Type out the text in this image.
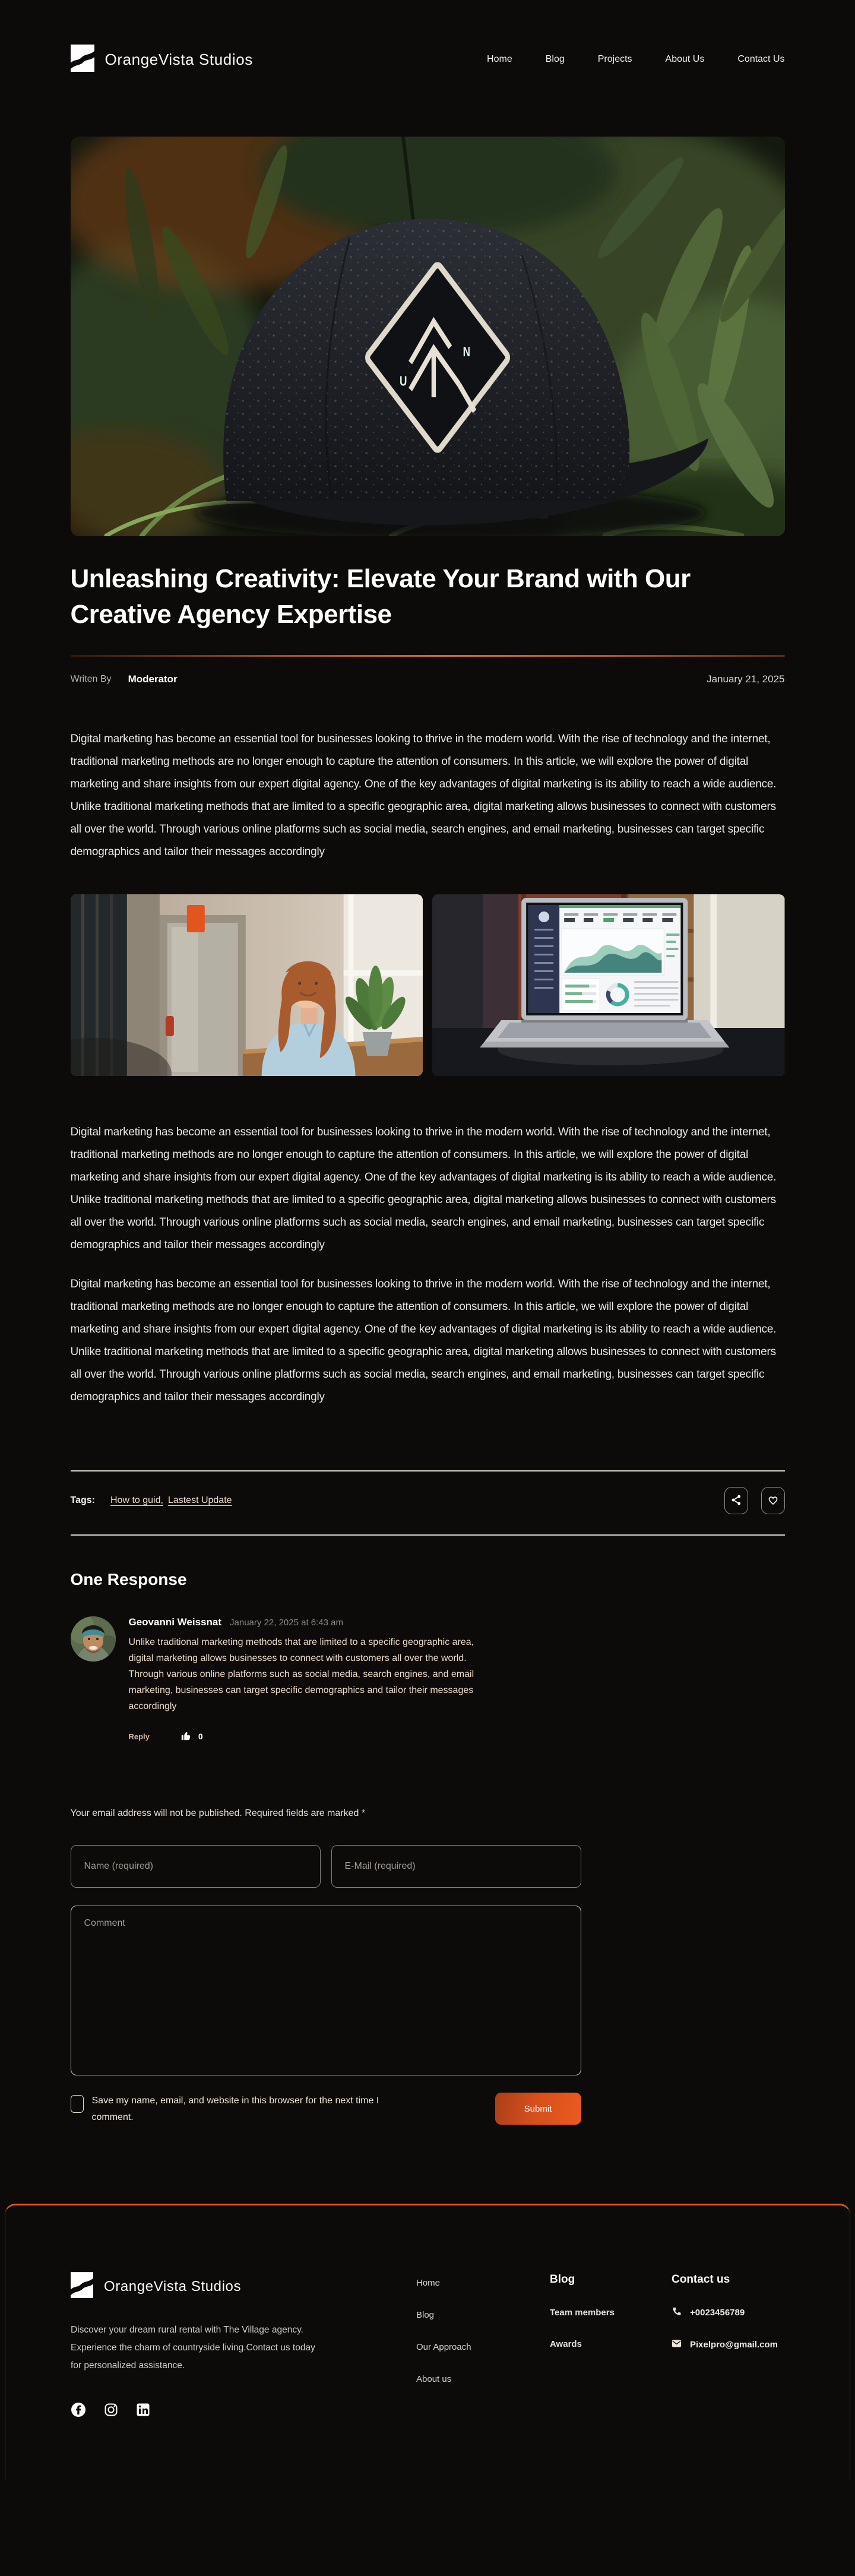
OrangeVista Studios	Home	Blog	Projects	About Us	Contact Us
U
N
Unleashing Creativity: Elevate Your Brand with Our Creative Agency Expertise
Writen By Moderator	January 21, 2025

Digital marketing has become an essential tool for businesses looking to thrive in the modern world. With the rise of technology and the internet, traditional marketing methods are no longer enough to capture the attention of consumers. In this article, we will explore the power of digital marketing and share insights from our expert digital agency. One of the key advantages of digital marketing is its ability to reach a wide audience. Unlike traditional marketing methods that are limited to a specific geographic area, digital marketing allows businesses to connect with customers all over the world. Through various online platforms such as social media, search engines, and email marketing, businesses can target specific demographics and tailor their messages accordingly

Digital marketing has become an essential tool for businesses looking to thrive in the modern world. With the rise of technology and the internet, traditional marketing methods are no longer enough to capture the attention of consumers. In this article, we will explore the power of digital marketing and share insights from our expert digital agency. One of the key advantages of digital marketing is its ability to reach a wide audience. Unlike traditional marketing methods that are limited to a specific geographic area, digital marketing allows businesses to connect with customers all over the world. Through various online platforms such as social media, search engines, and email marketing, businesses can target specific demographics and tailor their messages accordingly

Digital marketing has become an essential tool for businesses looking to thrive in the modern world. With the rise of technology and the internet, traditional marketing methods are no longer enough to capture the attention of consumers. In this article, we will explore the power of digital marketing and share insights from our expert digital agency. One of the key advantages of digital marketing is its ability to reach a wide audience. Unlike traditional marketing methods that are limited to a specific geographic area, digital marketing allows businesses to connect with customers all over the world. Through various online platforms such as social media, search engines, and email marketing, businesses can target specific demographics and tailor their messages accordingly

Tags: How to guid, Lastest Update
One Response
Geovanni Weissnat January 22, 2025 at 6:43 am
Unlike traditional marketing methods that are limited to a specific geographic area, digital marketing allows businesses to connect with customers all over the world. Through various online platforms such as social media, search engines, and email marketing, businesses can target specific demographics and tailor their messages accordingly
Reply	0

Your email address will not be published. Required fields are marked *

Name (required)
E-Mail (required)
Comment
Save my name, email, and website in this browser for the next time I comment.
Submit
OrangeVista Studios

Discover your dream rural rental with The Village agency. Experience the charm of countryside living.Contact us today for personalized assistance.

Home
Blog
Our Approach
About us
Blog
Team members
Awards
Contact us
+0023456789
Pixelpro@gmail.com
